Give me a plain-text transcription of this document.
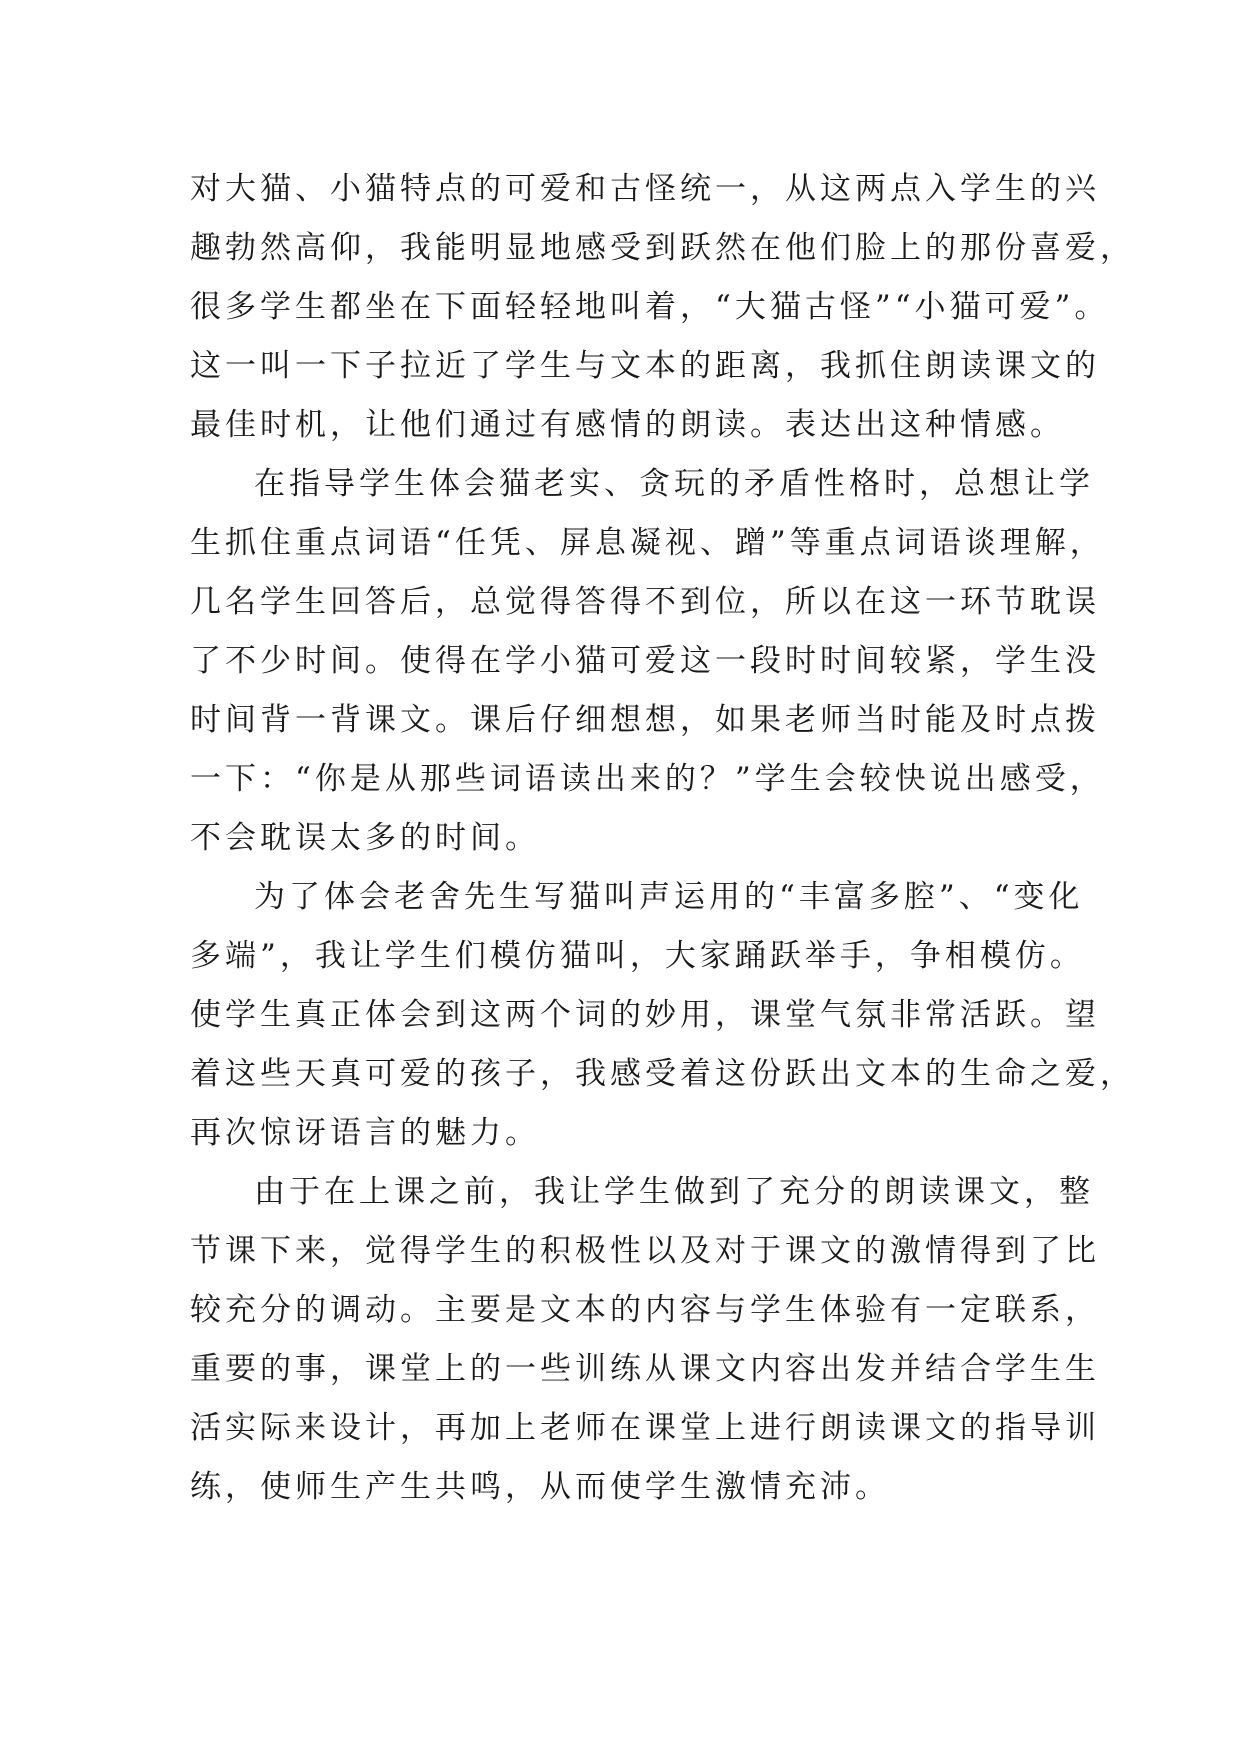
对大猫、小猫特点的可爱和古怪统一，从这两点入学生的兴
趣勃然高仰，我能明显地感受到跃然在他们脸上的那份喜爱，
很多学生都坐在下面轻轻地叫着，“大猫古怪”“小猫可爱”。
这一叫一下子拉近了学生与文本的距离，我抓住朗读课文的
最佳时机，让他们通过有感情的朗读。表达出这种情感。
在指导学生体会猫老实、贪玩的矛盾性格时，总想让学
生抓住重点词语“任凭、屏息凝视、蹭”等重点词语谈理解，
几名学生回答后，总觉得答得不到位，所以在这一环节耽误
了不少时间。使得在学小猫可爱这一段时时间较紧，学生没
时间背一背课文。课后仔细想想，如果老师当时能及时点拨
一下：“你是从那些词语读出来的？”学生会较快说出感受，
不会耽误太多的时间。
为了体会老舍先生写猫叫声运用的“丰富多腔”、“变化
多端”，我让学生们模仿猫叫，大家踊跃举手，争相模仿。
使学生真正体会到这两个词的妙用，课堂气氛非常活跃。望
着这些天真可爱的孩子，我感受着这份跃出文本的生命之爱，
再次惊讶语言的魅力。
由于在上课之前，我让学生做到了充分的朗读课文，整
节课下来，觉得学生的积极性以及对于课文的激情得到了比
较充分的调动。主要是文本的内容与学生体验有一定联系，
重要的事，课堂上的一些训练从课文内容出发并结合学生生
活实际来设计，再加上老师在课堂上进行朗读课文的指导训
练，使师生产生共鸣，从而使学生激情充沛。
